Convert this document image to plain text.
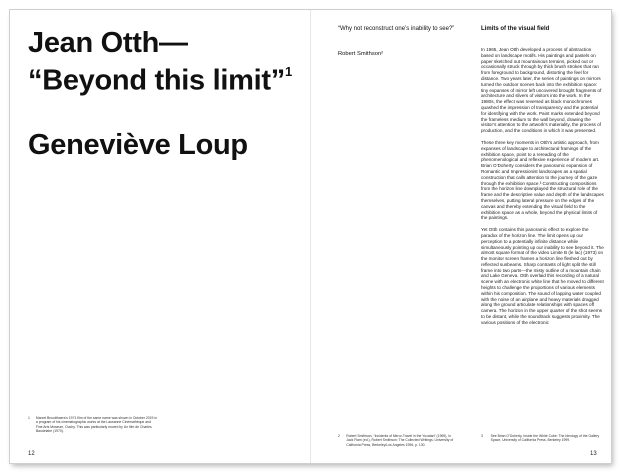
Jean Otth—
“Beyond this limit”$^1$
Geneviève Loup
1 Marcel Broodthaers's 1971 film of the same name was shown in October 2019 in a program of his cinematographic works at the Lausanne Cinémathèque and Fine Arts Museum, Ouchy. This was particularly moved by Un film de Charles Baudelaire (1970).
12

“Why not reconstruct one’s inability to see?”

Robert Smithson²

Limits of the visual field

In 1965, Jean Otth developed a process of abstraction based on landscape motifs. His paintings and pastels on paper sketched out mountainous terrains, picked out or occasionally struck through by thick brush strokes that ran from foreground to background, distorting the feel for distance. Two years later, the series of paintings on mirrors turned the outdoor scenes back into the exhibition space: tiny expanses of mirror left uncovered brought fragments of architecture and slivers of visitors into the work. In the 1980s, the effect was reversed as black monochromes quashed the impression of transparency and the potential for identifying with the work. Paint marks extended beyond the frameless medium to the wall beyond, drawing the visitor’s attention to the artwork’s materiality, the process of production, and the conditions in which it was presented.

These three key moments in Otth’s artistic approach, from expanses of landscape to architectural framings of the exhibition space, point to a rereading of the phenomenological and reflexive experience of modern art. Brian O’Doherty considers the panoramic expansion of Romantic and Impressionist landscapes as a spatial construction that calls attention to the journey of the gaze through the exhibition space.³ Constructing compositions from the horizon line downplayed the structural role of the frame and the descriptive value and depth of the landscapes themselves, putting lateral pressure on the edges of the canvas and thereby extending the visual field to the exhibition space as a whole, beyond the physical limits of the paintings.

Yet Otth contains this panoramic effect to explore the paradox of the horizon line. The limit opens up our perception to a potentially infinite distance while simultaneously pointing up our inability to see beyond it. The almost square format of the video Limite B (le lac) (1973) on the monitor screen frames a horizon line fleshed out by reflected sunbeams. Sharp contrasts of light split the still frame into two parts—the misty outline of a mountain chain and Lake Geneva. Otth overlaid this recording of a natural scene with an electronic white line that he moved to different heights to challenge the proportions of various elements within his composition. The sound of lapping water coupled with the noise of an airplane and heavy materials dragged along the ground articulate relationships with spaces off camera. The horizon in the upper quarter of the shot seems to be distant, while the soundtrack suggests proximity. The various positions of the electronic

2 Robert Smithson, “Incidents of Mirror-Travel in the Yucatan” (1969), in Jack Flam (ed.), Robert Smithson: The Collected Writings, University of California Press, Berkeley/Los Angeles 1996, p. 130.
3	See Brian O’Doherty, Inside the White Cube: The Ideology of the Gallery Space, University of California Press, Berkeley 1999.
13
